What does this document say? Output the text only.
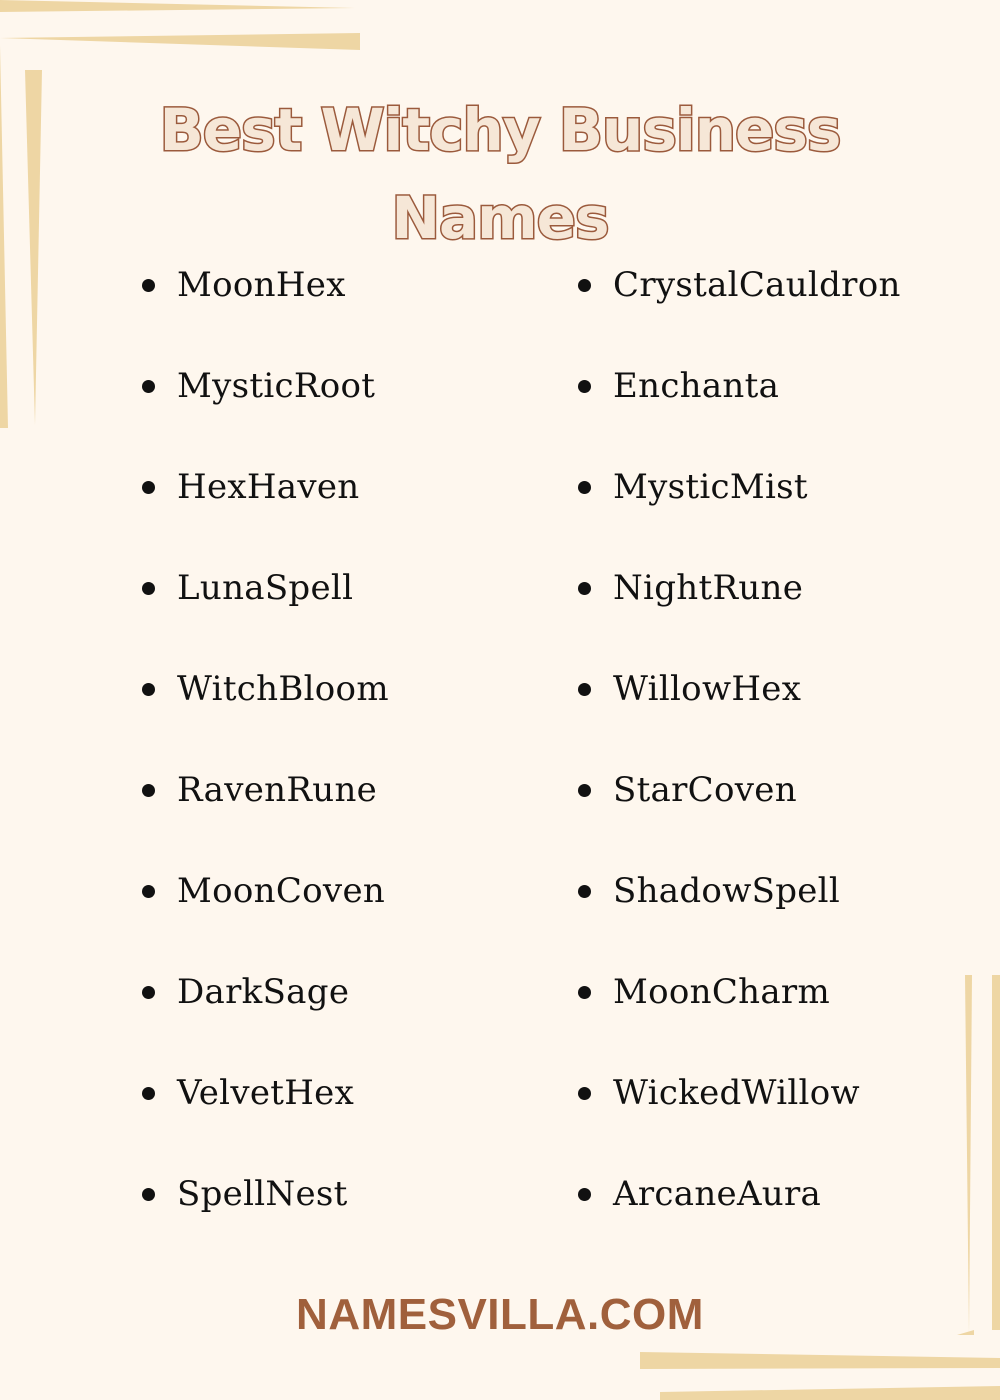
Best Witchy Business Names
MoonHex
MysticRoot
HexHaven
LunaSpell
WitchBloom
RavenRune
MoonCoven
DarkSage
VelvetHex
SpellNest
CrystalCauldron
Enchanta
MysticMist
NightRune
WillowHex
StarCoven
ShadowSpell
MoonCharm
WickedWillow
ArcaneAura

NAMESVILLA.COM
